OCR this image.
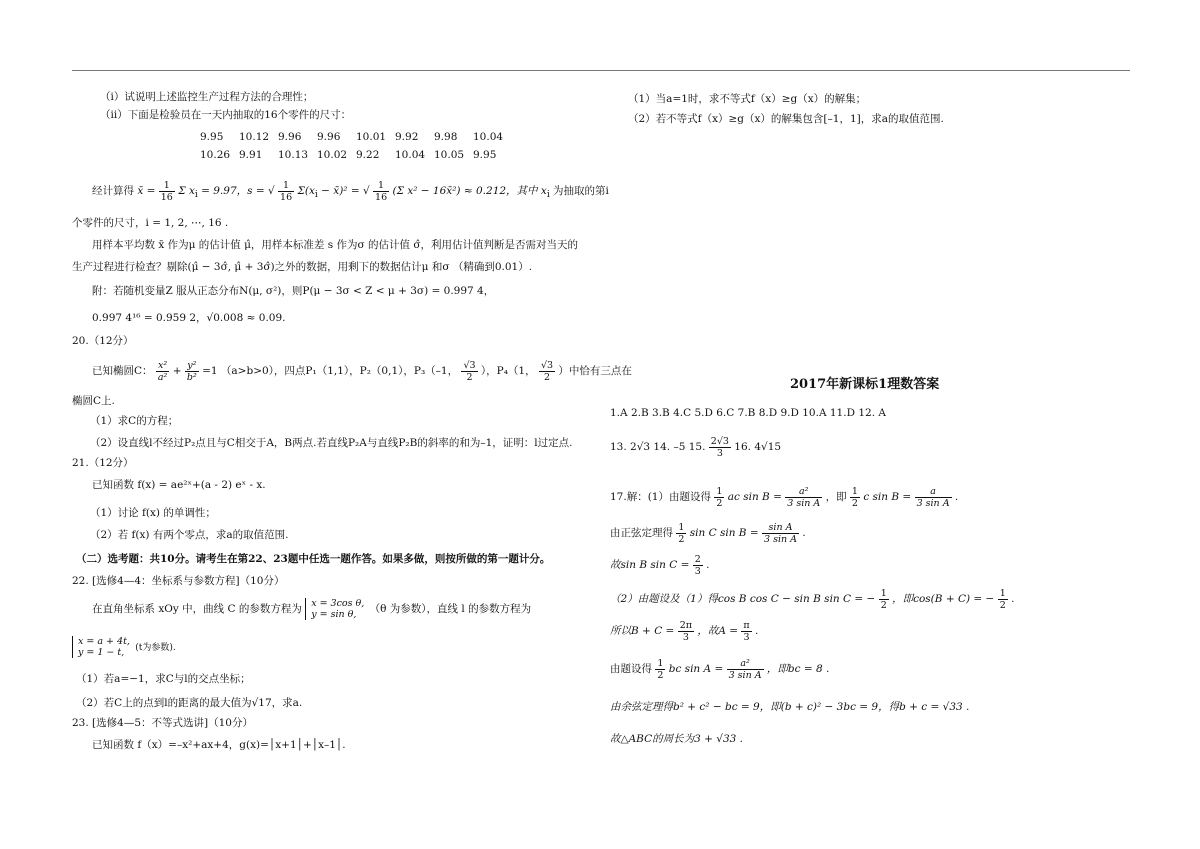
（ⅰ）试说明上述监控生产过程方法的合理性；
（ⅱ）下面是检验员在一天内抽取的16个零件的尺寸：
9.95	10.12 9.96	9.96	10.01 9.92	9.98	10.04
10.26 9.91	10.13 10.02 9.22	10.04 10.05 9.95
经计算得 x̄ = $\frac{1}{16}$ Σ $x_i = 9.97$，s = √ $\frac{1}{16} \Sigma(x_i$ − x̄)² = √ $\frac{1}{16} (\Sigma$ x² − 16x̄²) ≈ 0.212，其中 $x_i$ 为抽取的第i
个零件的尺寸，i = 1, 2, ⋯, 16 .
用样本平均数 x̄ 作为μ 的估计值 μ̂，用样本标准差 s 作为σ 的估计值 σ̂，利用估计值判断是否需对当天的
生产过程进行检查？剔除(μ̂ − 3σ̂, μ̂ + 3σ̂)之外的数据，用剩下的数据估计μ 和σ （精确到0.01）.
附：若随机变量Z 服从正态分布N(μ, σ²)，则P(μ − 3σ < Z < μ + 3σ) = 0.997 4，
0.997 4¹⁶ = 0.959 2，√0.008 ≈ 0.09.
20.（12分）
已知椭圆C： $\frac{\text{x²}}{\text{a²}} + \frac{\text{y²}}{\text{b²}} =1$ （a>b>0），四点P₁（1,1），P₂（0,1），P₃（–1， $\frac{√3}{2}$ ），P₄（1， $\frac{√3}{2}$ ）中恰有三点在
椭圆C上.
（1）求C的方程；
（2）设直线l不经过P₂点且与C相交于A，B两点.若直线P₂A与直线P₂B的斜率的和为–1，证明：l过定点.
21.（12分）
已知函数 f(x) = ae²ˣ+(a - 2) eˣ - x.
（1）讨论 f(x) 的单调性；
（2）若 f(x) 有两个零点，求a的取值范围.
（二）选考题：共10分。请考生在第22、23题中任选一题作答。如果多做，则按所做的第一题计分。
22. [选修4—4：坐标系与参数方程]（10分）
在直角坐标系 xOy 中，曲线 C 的参数方程为 x = 3cos θ,
y = sin θ,	（θ 为参数），直线 l 的参数方程为
x = a + 4t,
y = 1 − t,	(t为参数).
（1）若a=−1，求C与l的交点坐标；
（2）若C上的点到l的距离的最大值为√17，求a.
23. [选修4—5：不等式选讲]（10分）
已知函数 f（x）=–x²+ax+4，g(x)=│x+1│+│x–1│.
（1）当a=1时，求不等式f（x）≥g（x）的解集；
（2）若不等式f（x）≥g（x）的解集包含[–1，1]，求a的取值范围.
2017年新课标1理数答案
1.A 2.B 3.B 4.C 5.D 6.C 7.B 8.D 9.D 10.A 11.D 12. A
13. 2√3 14. –5 15. $\frac{2√3}{3} 16$. 4√15
17.解：(1）由题设得 $\frac{1}{2}$ ac $\sin B = \frac{\text{a²}}{\text{3 sin A}}$ ，即 $\frac{1}{2}$ c $\sin B = \frac{a}{\text{3 sin A}}$ .
由正弦定理得 $\frac{1}{2}$ sin C $\sin B = \frac{\text{sin A}}{\text{3 sin A}}$ .
故sin B $\sin C = \frac{2}{3}$ .
（2）由题设及（1）得cos B cos C − sin B sin C = − $\frac{1}{2}$ ，即cos(B + C) = − $\frac{1}{2}$ .
所以$B + C = \frac{2\pi}{3}$ ，故$A = \frac{\pi}{3}$ .
由题设得 $\frac{1}{2}$ bc $\sin A = \frac{\text{a²}}{\text{3 sin A}}$ ，即bc = 8 .
由余弦定理得b² + c² − bc = 9，即(b + c)² − 3bc = 9，得b + c = √33 .
故△ABC的周长为3 + √33 .
